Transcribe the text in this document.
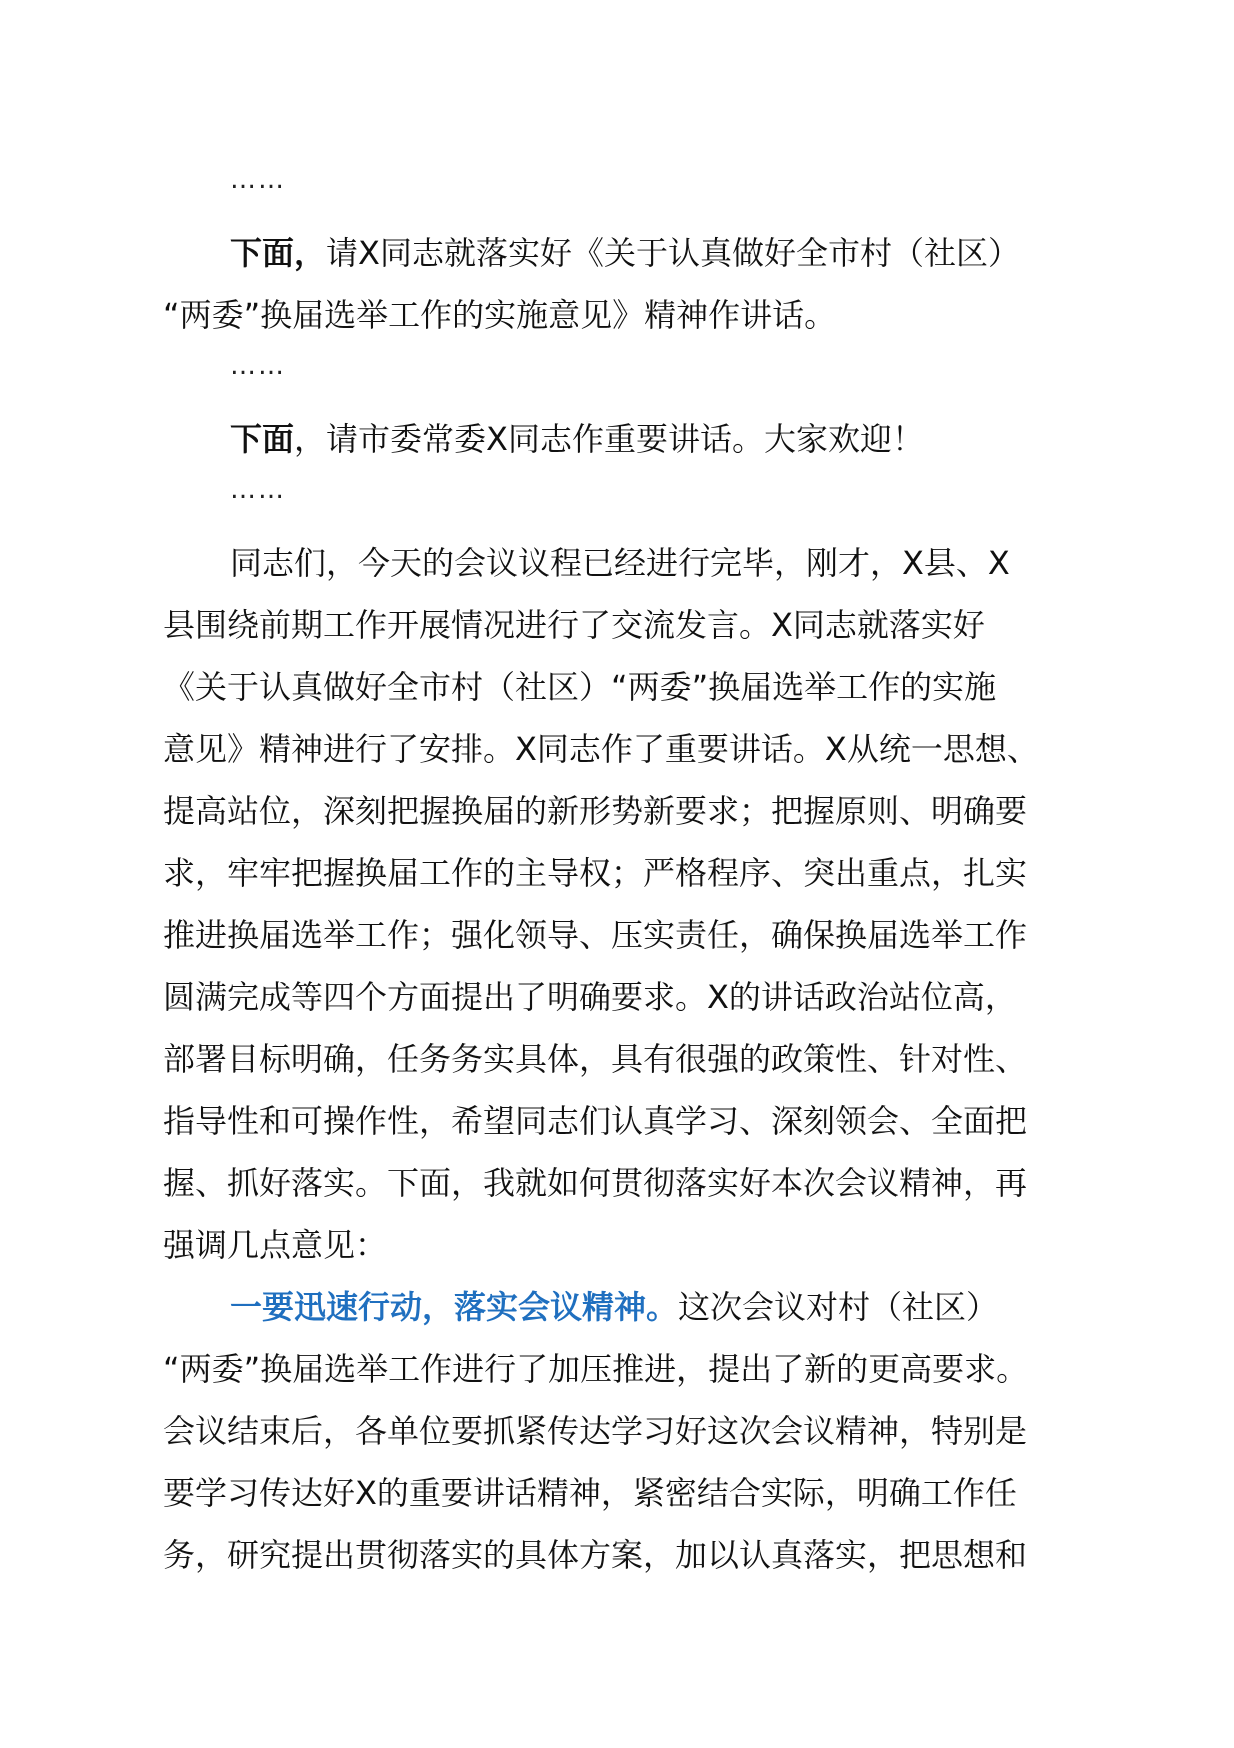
……
下面，请X同志就落实好《关于认真做好全市村（社区）
“两委”换届选举工作的实施意见》精神作讲话。
……
下面，请市委常委X同志作重要讲话。大家欢迎！
……
同志们，今天的会议议程已经进行完毕，刚才，X县、X
县围绕前期工作开展情况进行了交流发言。X同志就落实好
《关于认真做好全市村（社区）“两委”换届选举工作的实施
意见》精神进行了安排。X同志作了重要讲话。X从统一思想、
提高站位，深刻把握换届的新形势新要求；把握原则、明确要
求，牢牢把握换届工作的主导权；严格程序、突出重点，扎实
推进换届选举工作；强化领导、压实责任，确保换届选举工作
圆满完成等四个方面提出了明确要求。X的讲话政治站位高，
部署目标明确，任务务实具体，具有很强的政策性、针对性、
指导性和可操作性，希望同志们认真学习、深刻领会、全面把
握、抓好落实。下面，我就如何贯彻落实好本次会议精神，再
强调几点意见：
一要迅速行动，落实会议精神。这次会议对村（社区）
“两委”换届选举工作进行了加压推进，提出了新的更高要求。
会议结束后，各单位要抓紧传达学习好这次会议精神，特别是
要学习传达好X的重要讲话精神，紧密结合实际，明确工作任
务，研究提出贯彻落实的具体方案，加以认真落实，把思想和
